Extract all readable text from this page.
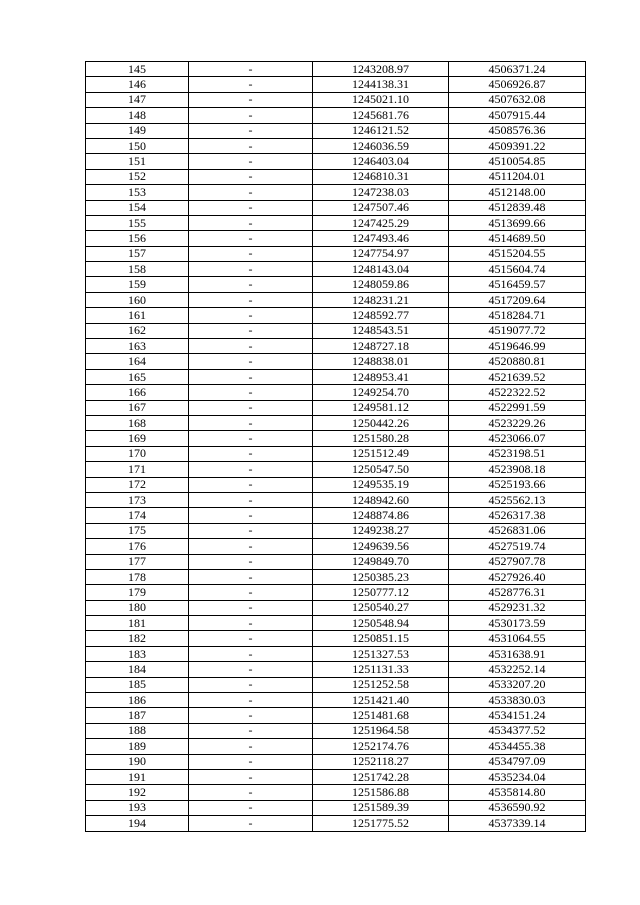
145	-	1243208.97	4506371.24
146	-	1244138.31	4506926.87
147	-	1245021.10	4507632.08
148	-	1245681.76	4507915.44
149	-	1246121.52	4508576.36
150	-	1246036.59	4509391.22
151	-	1246403.04	4510054.85
152	-	1246810.31	4511204.01
153	-	1247238.03	4512148.00
154	-	1247507.46	4512839.48
155	-	1247425.29	4513699.66
156	-	1247493.46	4514689.50
157	-	1247754.97	4515204.55
158	-	1248143.04	4515604.74
159	-	1248059.86	4516459.57
160	-	1248231.21	4517209.64
161	-	1248592.77	4518284.71
162	-	1248543.51	4519077.72
163	-	1248727.18	4519646.99
164	-	1248838.01	4520880.81
165	-	1248953.41	4521639.52
166	-	1249254.70	4522322.52
167	-	1249581.12	4522991.59
168	-	1250442.26	4523229.26
169	-	1251580.28	4523066.07
170	-	1251512.49	4523198.51
171	-	1250547.50	4523908.18
172	-	1249535.19	4525193.66
173	-	1248942.60	4525562.13
174	-	1248874.86	4526317.38
175	-	1249238.27	4526831.06
176	-	1249639.56	4527519.74
177	-	1249849.70	4527907.78
178	-	1250385.23	4527926.40
179	-	1250777.12	4528776.31
180	-	1250540.27	4529231.32
181	-	1250548.94	4530173.59
182	-	1250851.15	4531064.55
183	-	1251327.53	4531638.91
184	-	1251131.33	4532252.14
185	-	1251252.58	4533207.20
186	-	1251421.40	4533830.03
187	-	1251481.68	4534151.24
188	-	1251964.58	4534377.52
189	-	1252174.76	4534455.38
190	-	1252118.27	4534797.09
191	-	1251742.28	4535234.04
192	-	1251586.88	4535814.80
193	-	1251589.39	4536590.92
194	-	1251775.52	4537339.14
